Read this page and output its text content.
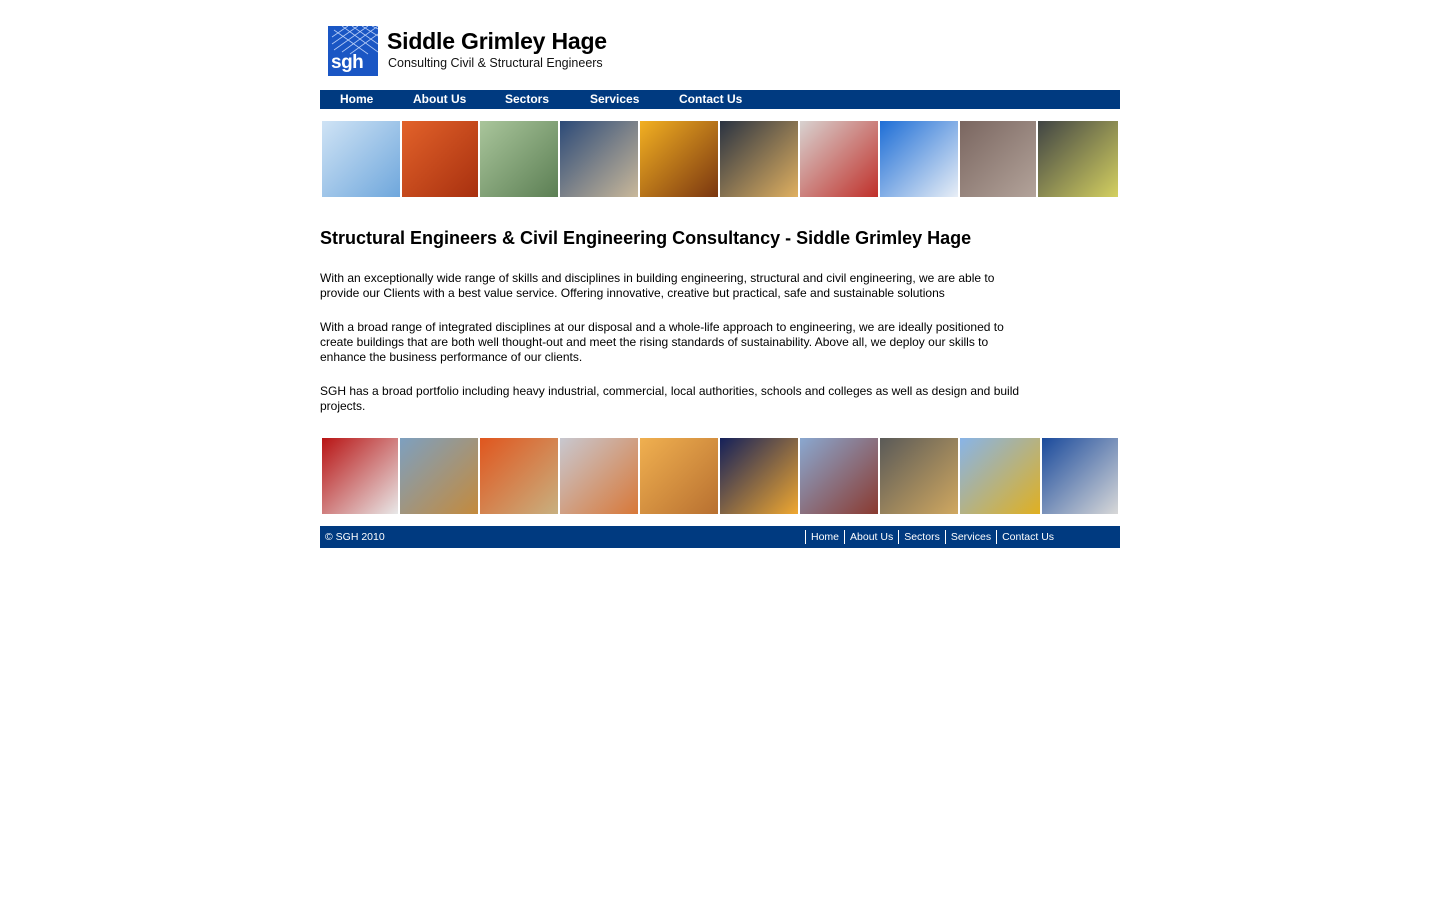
sgh
Siddle Grimley Hage
Consulting Civil & Structural Engineers
Home	About Us	Sectors	Services	Contact Us
Structural Engineers & Civil Engineering Consultancy - Siddle Grimley Hage

With an exceptionally wide range of skills and disciplines in building engineering, structural and civil engineering, we are able to provide our Clients with a best value service. Offering innovative, creative but practical, safe and sustainable solutions

With a broad range of integrated disciplines at our disposal and a whole-life approach to engineering, we are ideally positioned to create buildings that are both well thought-out and meet the rising standards of sustainability. Above all, we deploy our skills to enhance the business performance of our clients.

SGH has a broad portfolio including heavy industrial, commercial, local authorities, schools and colleges as well as design and build projects.

© SGH 2010	Home	About Us	Sectors	Services	Contact Us
